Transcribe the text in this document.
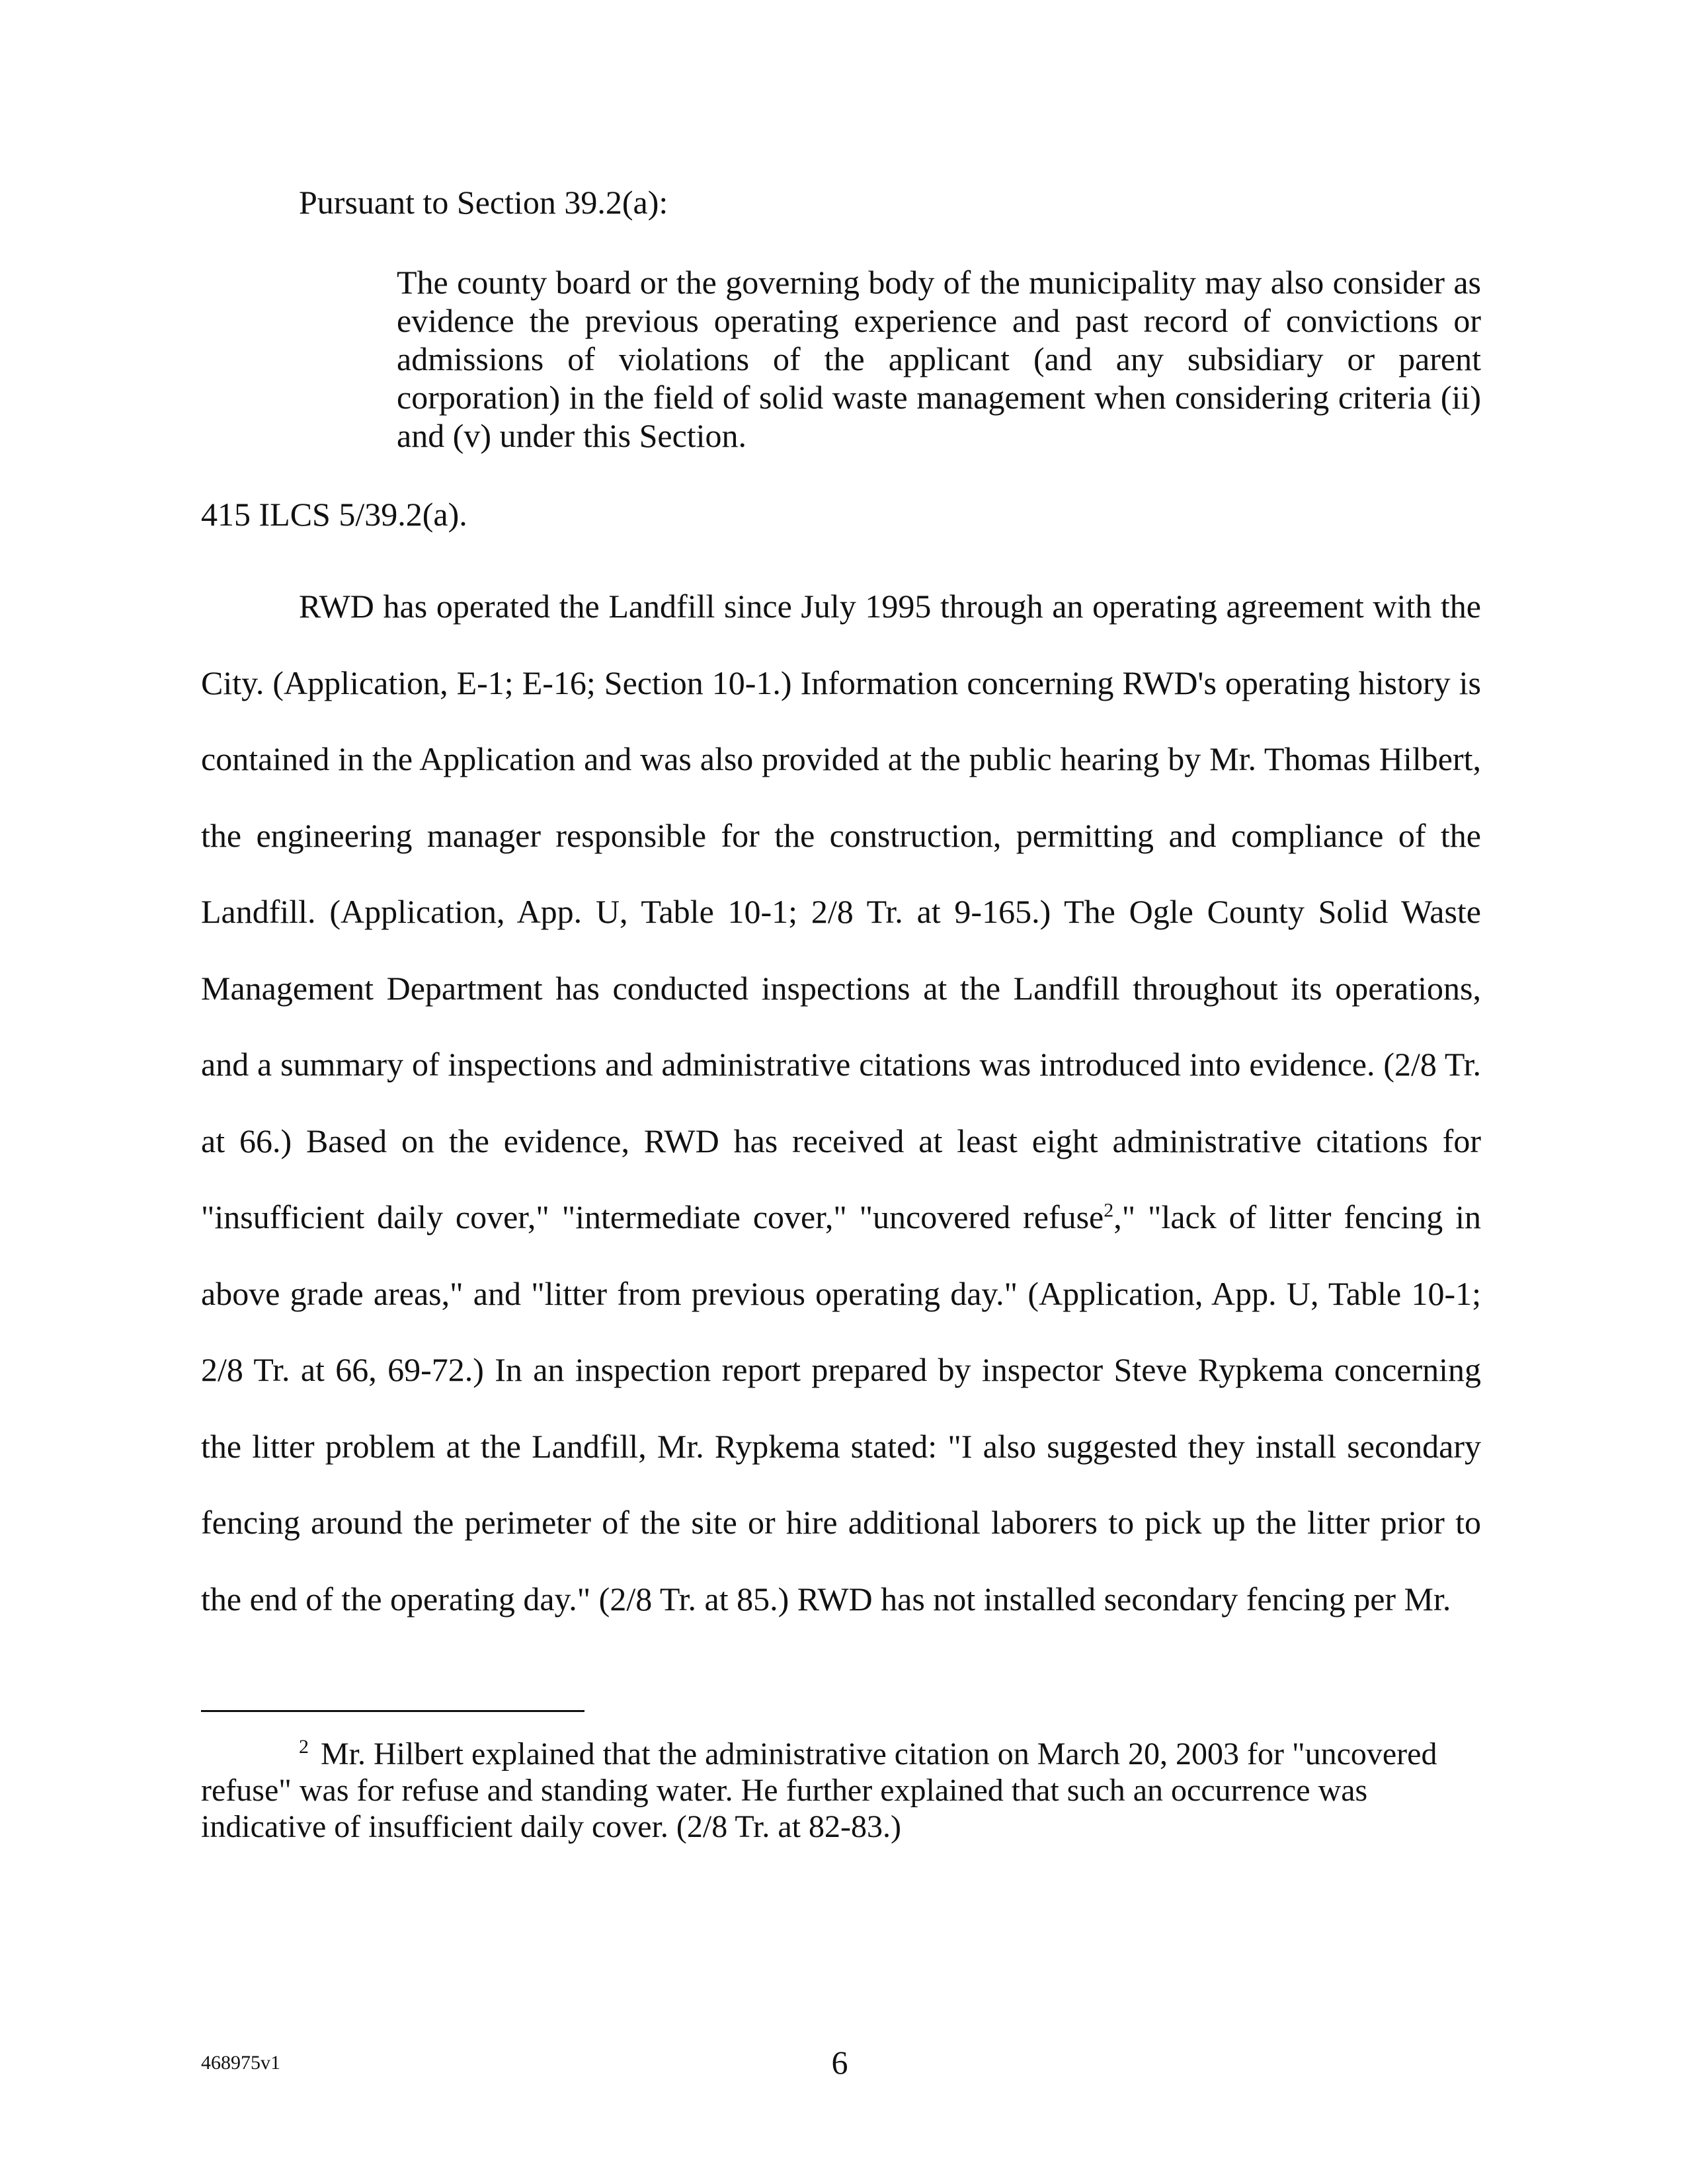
Pursuant to Section 39.2(a):

The county board or the governing body of the municipality may also consider as evidence the previous operating experience and past record of convictions or admissions of violations of the applicant (and any subsidiary or parent corporation) in the field of solid waste management when considering criteria (ii) and (v) under this Section.

415 ILCS 5/39.2(a).

RWD has operated the Landfill since July 1995 through an operating agreement with the City. (Application, E-1; E-16; Section 10-1.) Information concerning RWD's operating history is contained in the Application and was also provided at the public hearing by Mr. Thomas Hilbert, the engineering manager responsible for the construction, permitting and compliance of the Landfill. (Application, App. U, Table 10-1; 2/8 Tr. at 9-165.) The Ogle County Solid Waste Management Department has conducted inspections at the Landfill throughout its operations, and a summary of inspections and administrative citations was introduced into evidence. (2/8 Tr. at 66.) Based on the evidence, RWD has received at least eight administrative citations for "insufficient daily cover," "intermediate cover," "uncovered refuse$^2$," "lack of litter fencing in above grade areas," and "litter from previous operating day." (Application, App. U, Table 10-1; 2/8 Tr. at 66, 69-72.) In an inspection report prepared by inspector Steve Rypkema concerning the litter problem at the Landfill, Mr. Rypkema stated: "I also suggested they install secondary fencing around the perimeter of the site or hire additional laborers to pick up the litter prior to the end of the operating day." (2/8 Tr. at 85.) RWD has not installed secondary fencing per Mr.

$^2$ Mr. Hilbert explained that the administrative citation on March 20, 2003 for "uncovered refuse" was for refuse and standing water. He further explained that such an occurrence was indicative of insufficient daily cover. (2/8 Tr. at 82-83.)

468975v1	6
